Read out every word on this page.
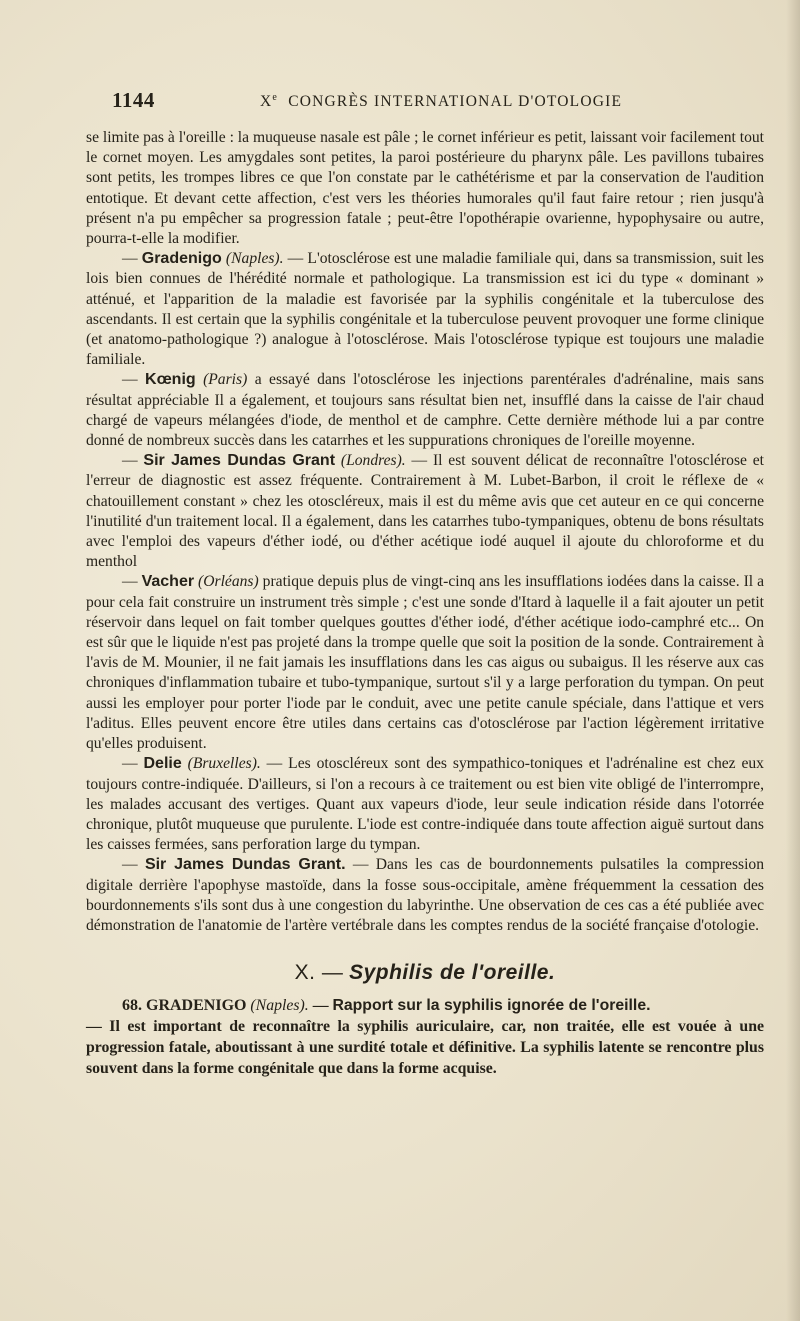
1144	Xe CONGRÈS INTERNATIONAL D'OTOLOGIE

se limite pas à l'oreille : la muqueuse nasale est pâle ; le cornet inférieur es petit, laissant voir facilement tout le cornet moyen. Les amygdales sont petites, la paroi postérieure du pharynx pâle. Les pavillons tubaires sont petits, les trompes libres ce que l'on constate par le cathétérisme et par la conservation de l'audition entotique. Et devant cette affection, c'est vers les théories humorales qu'il faut faire retour ; rien jusqu'à présent n'a pu empêcher sa progression fatale ; peut-être l'opothérapie ovarienne, hypophysaire ou autre, pourra-t-elle la modifier.

— Gradenigo (Naples). — L'otosclérose est une maladie familiale qui, dans sa transmission, suit les lois bien connues de l'hérédité normale et pathologique. La transmission est ici du type « dominant » atténué, et l'apparition de la maladie est favorisée par la syphilis congénitale et la tuberculose des ascendants. Il est certain que la syphilis congénitale et la tuberculose peuvent provoquer une forme clinique (et anatomo-pathologique ?) analogue à l'otosclérose. Mais l'otosclérose typique est toujours une maladie familiale.

— Kœnig (Paris) a essayé dans l'otosclérose les injections parentérales d'adrénaline, mais sans résultat appréciable Il a également, et toujours sans résultat bien net, insufflé dans la caisse de l'air chaud chargé de vapeurs mélangées d'iode, de menthol et de camphre. Cette dernière méthode lui a par contre donné de nombreux succès dans les catarrhes et les suppurations chroniques de l'oreille moyenne.

— Sir James Dundas Grant (Londres). — Il est souvent délicat de reconnaître l'otosclérose et l'erreur de diagnostic est assez fréquente. Contrairement à M. Lubet-Barbon, il croit le réflexe de « chatouillement constant » chez les otoscléreux, mais il est du même avis que cet auteur en ce qui concerne l'inutilité d'un traitement local. Il a également, dans les catarrhes tubo-tympaniques, obtenu de bons résultats avec l'emploi des vapeurs d'éther iodé, ou d'éther acétique iodé auquel il ajoute du chloroforme et du menthol

— Vacher (Orléans) pratique depuis plus de vingt-cinq ans les insufflations iodées dans la caisse. Il a pour cela fait construire un instrument très simple ; c'est une sonde d'Itard à laquelle il a fait ajouter un petit réservoir dans lequel on fait tomber quelques gouttes d'éther iodé, d'éther acétique iodo-camphré etc... On est sûr que le liquide n'est pas projeté dans la trompe quelle que soit la position de la sonde. Contrairement à l'avis de M. Mounier, il ne fait jamais les insufflations dans les cas aigus ou subaigus. Il les réserve aux cas chroniques d'inflammation tubaire et tubo-tympanique, surtout s'il y a large perforation du tympan. On peut aussi les employer pour porter l'iode par le conduit, avec une petite canule spéciale, dans l'attique et vers l'aditus. Elles peuvent encore être utiles dans certains cas d'otosclérose par l'action légèrement irritative qu'elles produisent.

— Delie (Bruxelles). — Les otoscléreux sont des sympathico-toniques et l'adrénaline est chez eux toujours contre-indiquée. D'ailleurs, si l'on a recours à ce traitement ou est bien vite obligé de l'interrompre, les malades accusant des vertiges. Quant aux vapeurs d'iode, leur seule indication réside dans l'otorrée chronique, plutôt muqueuse que purulente. L'iode est contre-indiquée dans toute affection aiguë surtout dans les caisses fermées, sans perforation large du tympan.

— Sir James Dundas Grant. — Dans les cas de bourdonnements pulsatiles la compression digitale derrière l'apophyse mastoïde, dans la fosse sous-occipitale, amène fréquemment la cessation des bourdonnements s'ils sont dus à une congestion du labyrinthe. Une observation de ces cas a été publiée avec démonstration de l'anatomie de l'artère vertébrale dans les comptes rendus de la société française d'otologie.

X. — Syphilis de l'oreille.

68. GRADENIGO (Naples). — Rapport sur la syphilis ignorée de l'oreille.

— Il est important de reconnaître la syphilis auriculaire, car, non traitée, elle est vouée à une progression fatale, aboutissant à une surdité totale et définitive. La syphilis latente se rencontre plus souvent dans la forme congénitale que dans la forme acquise.
